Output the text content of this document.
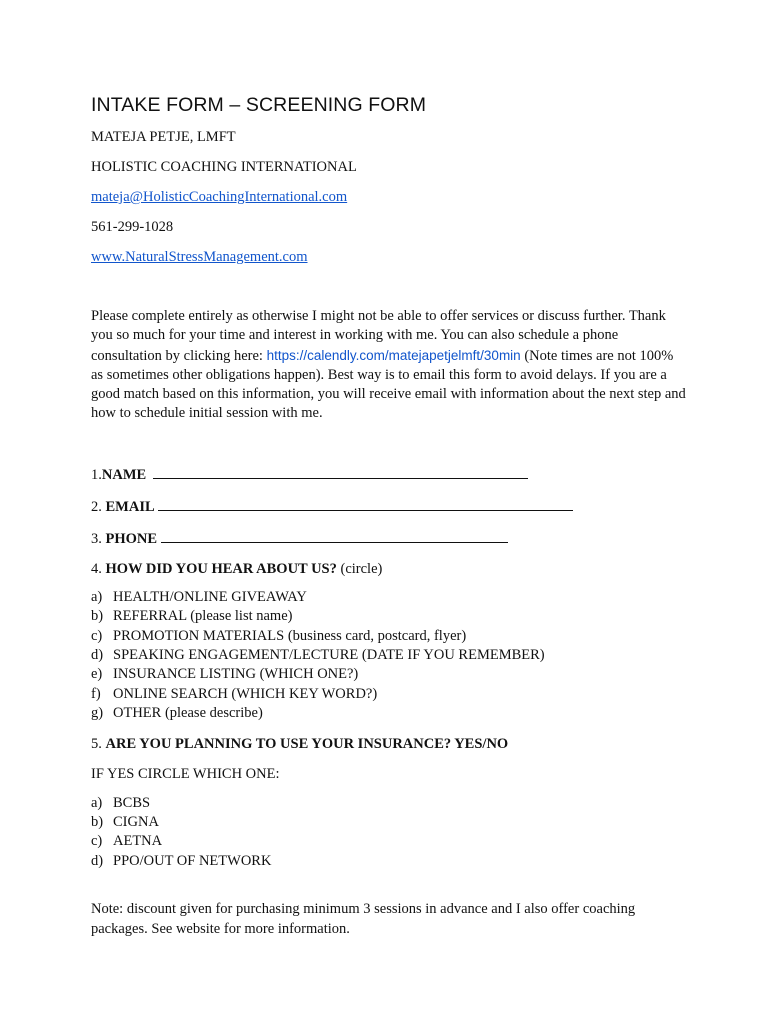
INTAKE FORM – SCREENING FORM

MATEJA PETJE, LMFT

HOLISTIC COACHING INTERNATIONAL

mateja@HolisticCoachingInternational.com

561-299-1028

www.NaturalStressManagement.com

Please complete entirely as otherwise I might not be able to offer services or discuss further. Thank you so much for your time and interest in working with me. You can also schedule a phone consultation by clicking here: https://calendly.com/matejapetjelmft/30min (Note times are not 100% as sometimes other obligations happen). Best way is to email this form to avoid delays. If you are a good match based on this information, you will receive email with information about the next step and how to schedule initial session with me.

1.NAME

2. EMAIL

3. PHONE

4. HOW DID YOU HEAR ABOUT US? (circle)

a) HEALTH/ONLINE GIVEAWAY
b) REFERRAL (please list name)
c) PROMOTION MATERIALS (business card, postcard, flyer)
d) SPEAKING ENGAGEMENT/LECTURE (DATE IF YOU REMEMBER)
e) INSURANCE LISTING (WHICH ONE?)
f) ONLINE SEARCH (WHICH KEY WORD?)
g) OTHER (please describe)

5. ARE YOU PLANNING TO USE YOUR INSURANCE? YES/NO

IF YES CIRCLE WHICH ONE:

a) BCBS
b) CIGNA
c) AETNA
d) PPO/OUT OF NETWORK

Note: discount given for purchasing minimum 3 sessions in advance and I also offer coaching packages. See website for more information.
